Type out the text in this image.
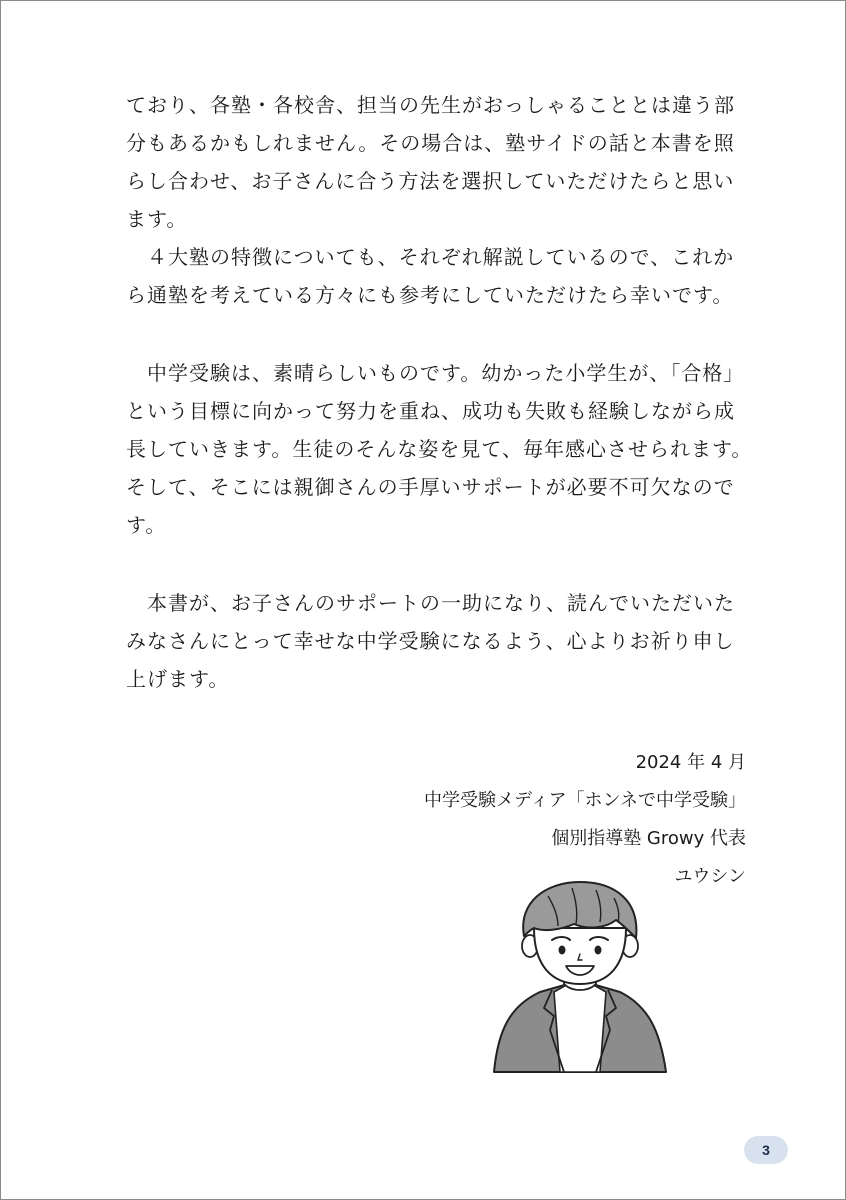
ており、各塾・各校舎、担当の先生がおっしゃることとは違う部
分もあるかもしれません。その場合は、塾サイドの話と本書を照
らし合わせ、お子さんに合う方法を選択していただけたらと思い
ます。
　４大塾の特徴についても、それぞれ解説しているので、これか
ら通塾を考えている方々にも参考にしていただけたら幸いです。
　中学受験は、素晴らしいものです。幼かった小学生が、「合格」
という目標に向かって努力を重ね、成功も失敗も経験しながら成
長していきます。生徒のそんな姿を見て、毎年感心させられます。
そして、そこには親御さんの手厚いサポートが必要不可欠なので
す。
　本書が、お子さんのサポートの一助になり、読んでいただいた
みなさんにとって幸せな中学受験になるよう、心よりお祈り申し
上げます。
2024 年 4 月
中学受験メディア「ホンネで中学受験」
個別指導塾 Growy 代表
ユウシン
3
